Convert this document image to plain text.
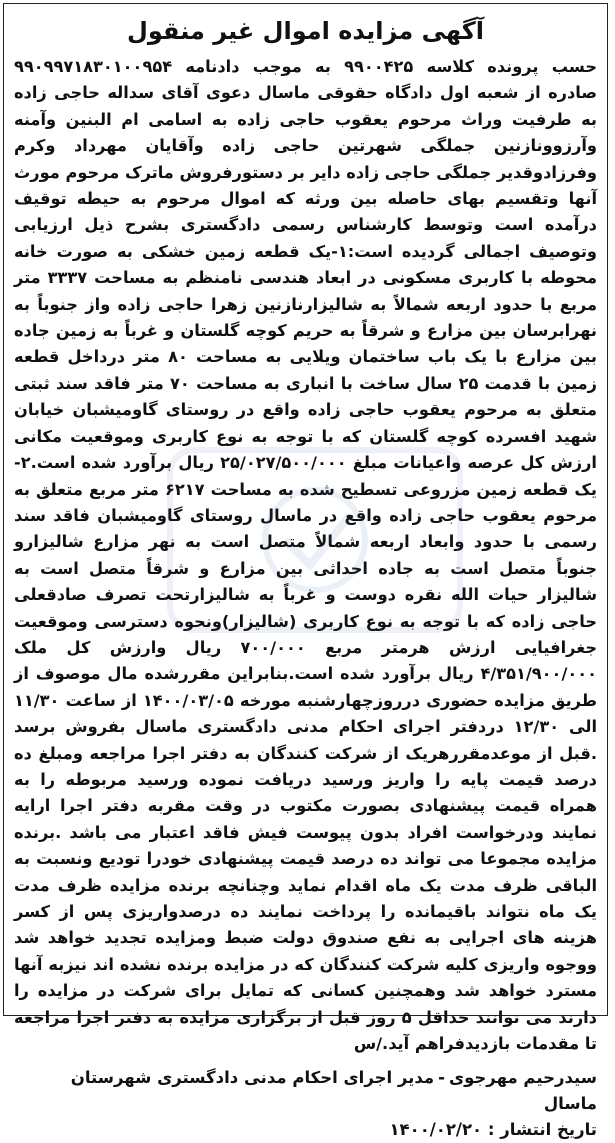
آگهی مزایده اموال غیر منقول

حسب پرونده کلاسه ۹۹۰۰۴۲۵ به موجب دادنامه ۹۹۰۹۹۷۱۸۳۰۱۰۰۹۵۴ صادره از شعبه اول دادگاه حقوقی ماسال دعوی آقای سداله حاجی زاده به طرفیت وراث مرحوم یعقوب حاجی زاده به اسامی ام البنین وآمنه وآرزوونازنین جملگی شهرتین حاجی زاده وآقایان مهرداد وکرم وفرزادوقدیر جملگی حاجی زاده دایر بر دستورفروش ماترک مرحوم مورث آنها وتقسیم بهای حاصله بین ورثه که اموال مرحوم به حیطه توقیف درآمده است وتوسط کارشناس رسمی دادگستری بشرح ذیل ارزیابی وتوصیف اجمالی گردیده است:۱-یک قطعه زمین خشکی به صورت خانه محوطه با کاربری مسکونی در ابعاد هندسی نامنظم به مساحت ۳۳۳۷ متر مربع با حدود اربعه شمالاً به شالیزارنازنین زهرا حاجی زاده واز جنوباً به نهرابرسان بین مزارع و شرقاً به حریم کوچه گلستان و غرباً به زمین جاده بین مزارع با یک باب ساختمان ویلایی به مساحت ۸۰ متر درداخل قطعه زمین با قدمت ۲۵ سال ساخت با انباری به مساحت ۷۰ متر فاقد سند ثبتی متعلق به مرحوم یعقوب حاجی زاده واقع در روستای گاومیشبان خیابان شهید افسرده کوچه گلستان که با توجه به نوع کاربری وموقعیت مکانی ارزش کل عرصه واعیانات مبلغ ۲۵/۰۲۷/۵۰۰/۰۰۰ ریال برآورد شده است.۲-یک قطعه زمین مزروعی تسطیح شده به مساحت ۶۲۱۷ متر مربع متعلق به مرحوم یعقوب حاجی زاده واقع در ماسال روستای گاومیشبان فاقد سند رسمی با حدود وابعاد اربعه شمالاً متصل است به نهر مزارع شالیزارو جنوباً متصل است به جاده احداثی بین مزارع و شرقاً متصل است به شالیزار حیات الله نقره دوست و غرباً به شالیزارتحت تصرف صادقعلی حاجی زاده که با توجه به نوع کاربری (شالیزار)ونحوه دسترسی وموقعیت جغرافیایی ارزش هرمتر مربع ۷۰۰/۰۰۰ ریال وارزش کل ملک ۴/۳۵۱/۹۰۰/۰۰۰ ریال برآورد شده است.بنابراین مقررشده مال موصوف از طریق مزایده حضوری درروزچهارشنبه مورخه ۱۴۰۰/۰۳/۰۵ از ساعت ۱۱/۳۰ الی ۱۲/۳۰ دردفتر اجرای احکام مدنی دادگستری ماسال بفروش برسد .قبل از موعدمقررهریک از شرکت کنندگان به دفتر اجرا مراجعه ومبلغ ده درصد قیمت پایه را واریز ورسید دریافت نموده ورسید مربوطه را به همراه قیمت پیشنهادی بصورت مکتوب در وقت مقربه دفتر اجرا ارایه نمایند ودرخواست افراد بدون پیوست فیش فاقد اعتبار می باشد .برنده مزایده مجموعا می تواند ده درصد قیمت پیشنهادی خودرا تودیع ونسبت به الباقی ظرف مدت یک ماه اقدام نماید وچنانچه برنده مزایده ظرف مدت یک ماه نتواند باقیمانده را پرداخت نمایند ده درصدواریزی پس از کسر هزینه های اجرایی به نفع صندوق دولت ضبط ومزایده تجدید خواهد شد ووجوه واریزی کلیه شرکت کنندگان که در مزایده برنده نشده اند نیزبه آنها مسترد خواهد شد وهمچنین کسانی که تمایل برای شرکت در مزایده را دارند می توانند حداقل ۵ روز قبل از برگزاری مزایده به دفتر اجرا مراجعه تا مقدمات بازدیدفراهم آید./س

سیدرحیم مهرجوی-مدیر اجرای احکام مدنی دادگستری شهرستان ماسال
تاریخ انتشار : ۱۴۰۰/۰۲/۲۰
